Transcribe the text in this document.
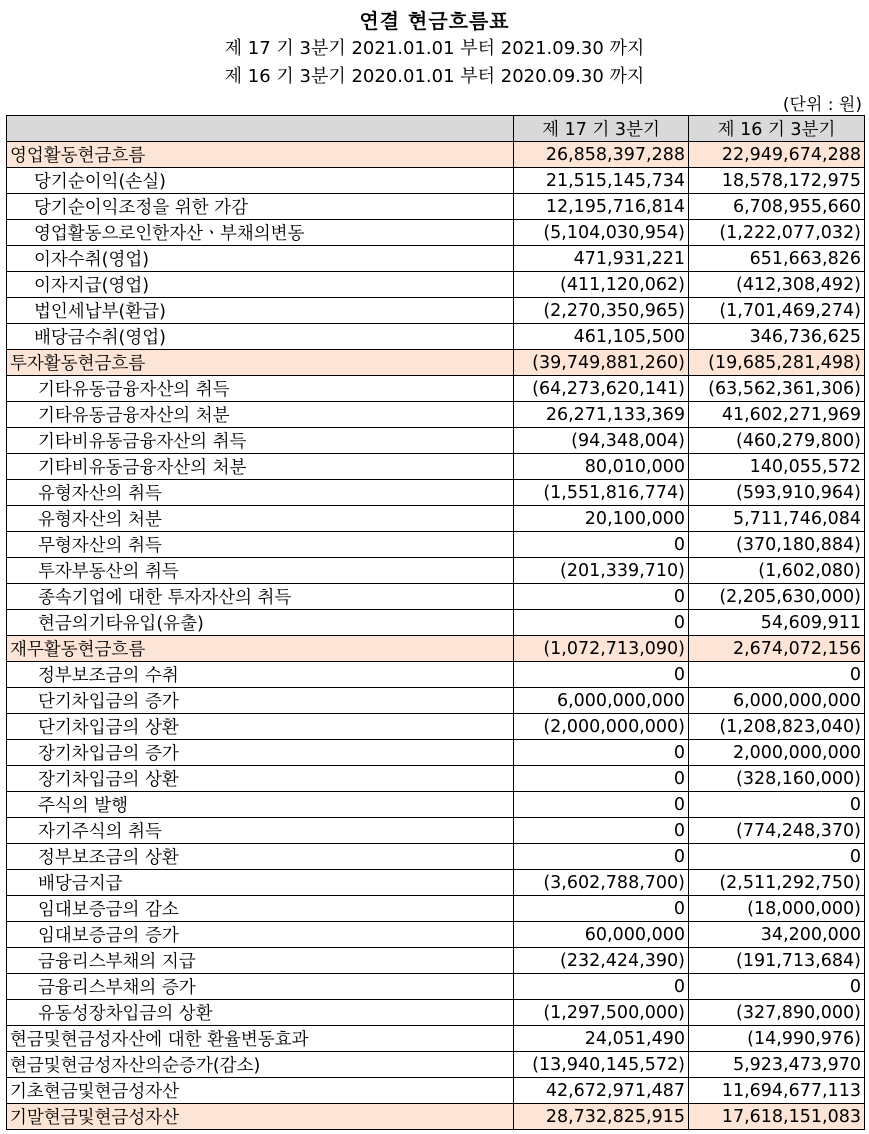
연결 현금흐름표
제 17 기 3분기 2021.01.01 부터 2021.09.30 까지
제 16 기 3분기 2020.01.01 부터 2020.09.30 까지
(단위 : 원)
	제 17 기 3분기	제 16 기 3분기
영업활동현금흐름	26,858,397,288	22,949,674,288
당기순이익(손실)	21,515,145,734	18,578,172,975
당기순이익조정을 위한 가감	12,195,716,814	6,708,955,660
영업활동으로인한자산ㆍ부채의변동	(5,104,030,954)	(1,222,077,032)
이자수취(영업)	471,931,221	651,663,826
이자지급(영업)	(411,120,062)	(412,308,492)
법인세납부(환급)	(2,270,350,965)	(1,701,469,274)
배당금수취(영업)	461,105,500	346,736,625
투자활동현금흐름	(39,749,881,260)	(19,685,281,498)
기타유동금융자산의 취득	(64,273,620,141)	(63,562,361,306)
기타유동금융자산의 처분	26,271,133,369	41,602,271,969
기타비유동금융자산의 취득	(94,348,004)	(460,279,800)
기타비유동금융자산의 처분	80,010,000	140,055,572
유형자산의 취득	(1,551,816,774)	(593,910,964)
유형자산의 처분	20,100,000	5,711,746,084
무형자산의 취득	0	(370,180,884)
투자부동산의 취득	(201,339,710)	(1,602,080)
종속기업에 대한 투자자산의 취득	0	(2,205,630,000)
현금의기타유입(유출)	0	54,609,911
재무활동현금흐름	(1,072,713,090)	2,674,072,156
정부보조금의 수취	0	0
단기차입금의 증가	6,000,000,000	6,000,000,000
단기차입금의 상환	(2,000,000,000)	(1,208,823,040)
장기차입금의 증가	0	2,000,000,000
장기차입금의 상환	0	(328,160,000)
주식의 발행	0	0
자기주식의 취득	0	(774,248,370)
정부보조금의 상환	0	0
배당금지급	(3,602,788,700)	(2,511,292,750)
임대보증금의 감소	0	(18,000,000)
임대보증금의 증가	60,000,000	34,200,000
금융리스부채의 지급	(232,424,390)	(191,713,684)
금융리스부채의 증가	0	0
유동성장차입금의 상환	(1,297,500,000)	(327,890,000)
현금및현금성자산에 대한 환율변동효과	24,051,490	(14,990,976)
현금및현금성자산의순증가(감소)	(13,940,145,572)	5,923,473,970
기초현금및현금성자산	42,672,971,487	11,694,677,113
기말현금및현금성자산	28,732,825,915	17,618,151,083
